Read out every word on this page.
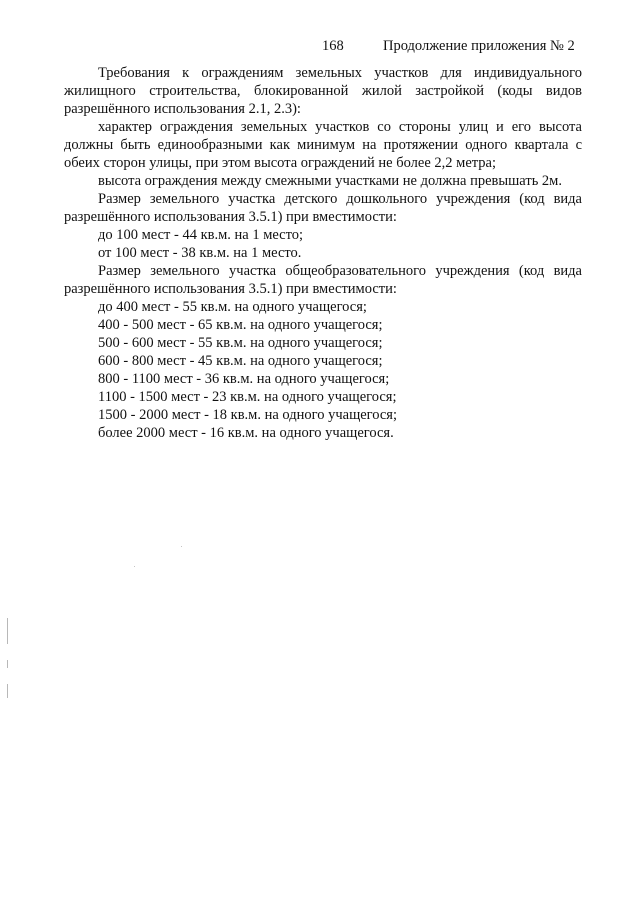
168	Продолжение приложения № 2

Требования к ограждениям земельных участков для индивидуального жилищного строительства, блокированной жилой застройкой (коды видов разрешённого использования 2.1, 2.3):

характер ограждения земельных участков со стороны улиц и его высота должны быть единообразными как минимум на протяжении одного квартала с обеих сторон улицы, при этом высота ограждений не более 2,2 метра;

высота ограждения между смежными участками не должна превышать 2м.

Размер земельного участка детского дошкольного учреждения (код вида разрешённого использования 3.5.1) при вместимости:

до 100 мест - 44 кв.м. на 1 место;

от 100 мест - 38 кв.м. на 1 место.

Размер земельного участка общеобразовательного учреждения (код вида разрешённого использования 3.5.1) при вместимости:

до 400 мест - 55 кв.м. на одного учащегося;

400 - 500 мест - 65 кв.м. на одного учащегося;

500 - 600 мест - 55 кв.м. на одного учащегося;

600 - 800 мест - 45 кв.м. на одного учащегося;

800 - 1100 мест - 36 кв.м. на одного учащегося;

1100 - 1500 мест - 23 кв.м. на одного учащегося;

1500 - 2000 мест - 18 кв.м. на одного учащегося;

более 2000 мест - 16 кв.м. на одного учащегося.
